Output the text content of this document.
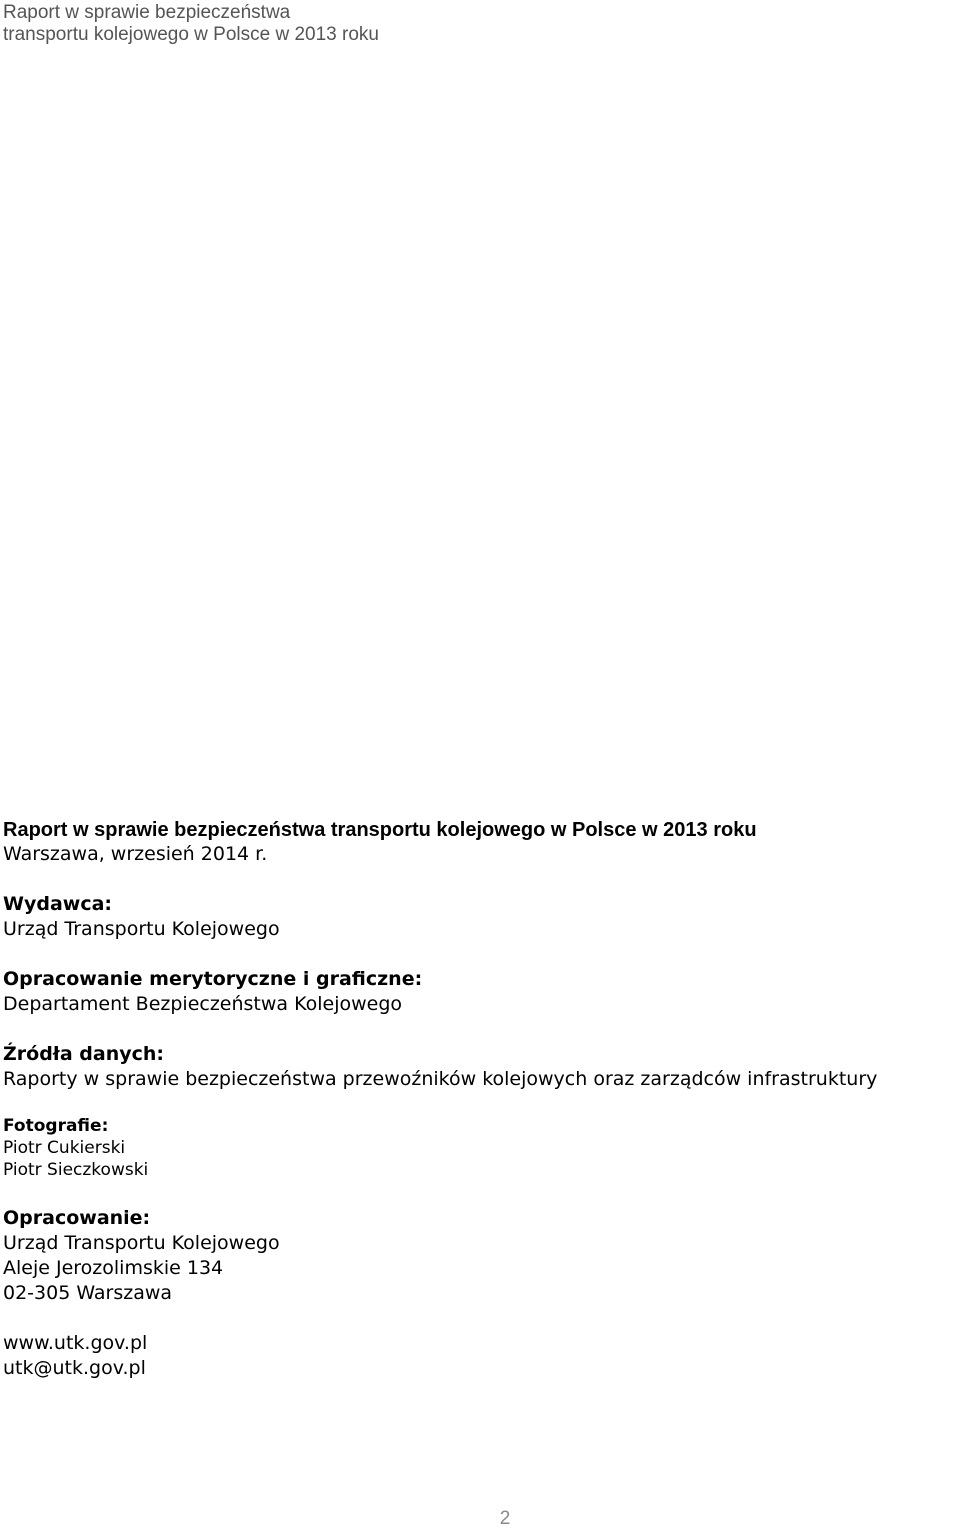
Raport w sprawie bezpieczeństwa
transportu kolejowego w Polsce w 2013 roku

Raport w sprawie bezpieczeństwa transportu kolejowego w Polsce w 2013 roku

Warszawa, wrzesień 2014 r.

Wydawca:

Urząd Transportu Kolejowego

Opracowanie merytoryczne i graficzne:

Departament Bezpieczeństwa Kolejowego

Źródła danych:

Raporty w sprawie bezpieczeństwa przewoźników kolejowych oraz zarządców infrastruktury

Fotografie:

Piotr Cukierski

Piotr Sieczkowski

Opracowanie:

Urząd Transportu Kolejowego

Aleje Jerozolimskie 134

02-305 Warszawa

www.utk.gov.pl

utk@utk.gov.pl

2
